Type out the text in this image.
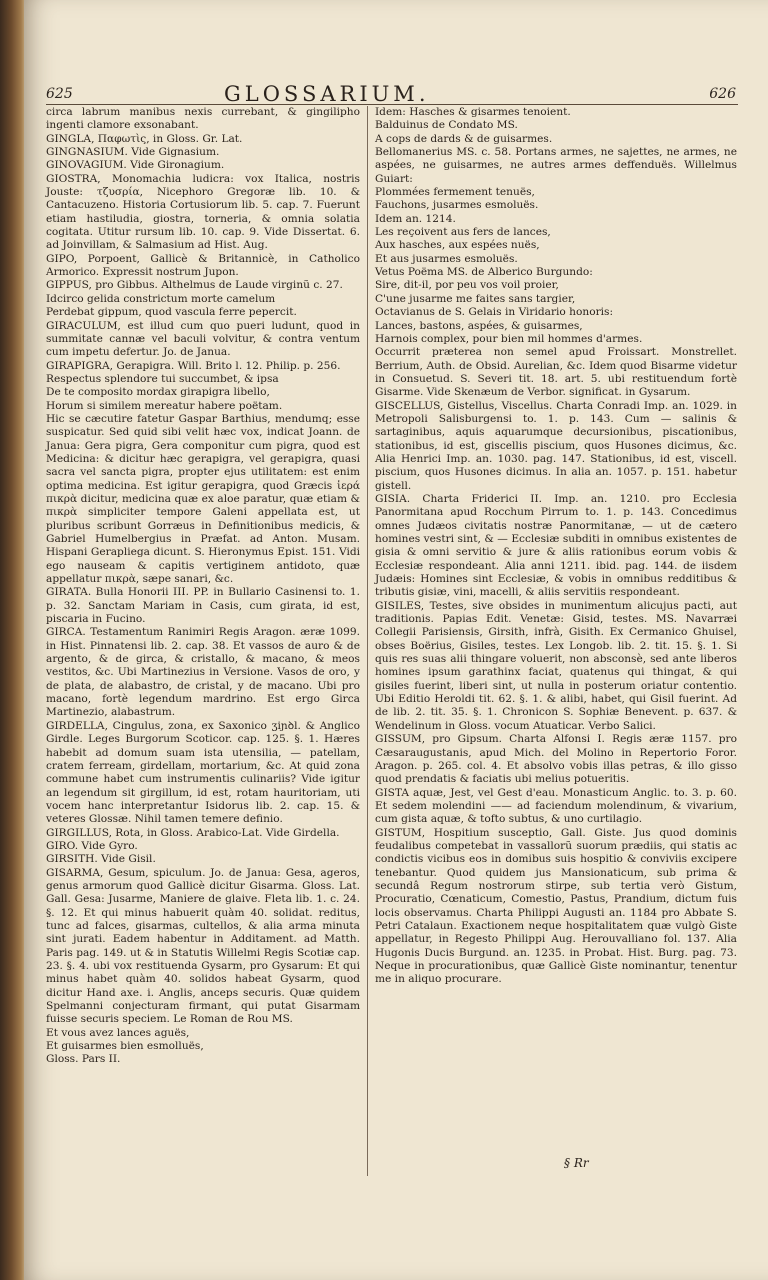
625	GLOSSARIUM.	626

circa labrum manibus nexis currebant, & gingilipho ingenti clamore exsonabant.

GINGLA, Παφωτὶς, in Gloss. Gr. Lat.

GINGNASIUM. Vide Gignasium.

GINOVAGIUM. Vide Gironagium.

GIOSTRA, Monomachia ludicra: vox Italica, nostris Jouste: τζυσρία, Nicephoro Gregoræ lib. 10. & Cantacuzeno. Historia Cortusiorum lib. 5. cap. 7. Fuerunt etiam hastiludia, giostra, torneria, & omnia solatia cogitata. Utitur rursum lib. 10. cap. 9. Vide Dissertat. 6. ad Joinvillam, & Salmasium ad Hist. Aug.

GIPO, Porpoent, Gallicè & Britannicè, in Catholico Armorico. Expressit nostrum Jupon.

GIPPUS, pro Gibbus. Althelmus de Laude virginũ c. 27.

Idcirco gelida constrictum morte camelum

Perdebat gippum, quod vascula ferre pepercit.

GIRACULUM, est illud cum quo pueri ludunt, quod in summitate cannæ vel baculi volvitur, & contra ventum cum impetu defertur. Jo. de Janua.

GIRAPIGRA, Gerapigra. Will. Brito l. 12. Philip. p. 256.

Respectus splendore tui succumbet, & ipsa

De te composito mordax girapigra libello,

Horum si similem mereatur habere poëtam.

Hic se cæcutire fatetur Gaspar Barthius, mendumq; esse suspicatur. Sed quid sibi velit hæc vox, indicat Joann. de Janua: Gera pigra, Gera componitur cum pigra, quod est Medicina: & dicitur hæc gerapigra, vel gerapigra, quasi sacra vel sancta pigra, propter ejus utilitatem: est enim optima medicina. Est igitur gerapigra, quod Græcis ἱερά πικρὰ dicitur, medicina quæ ex aloe paratur, quæ etiam & πικρὰ simpliciter tempore Galeni appellata est, ut pluribus scribunt Gorræus in Definitionibus medicis, & Gabriel Humelbergius in Præfat. ad Anton. Musam. Hispani Gerapliega dicunt. S. Hieronymus Epist. 151. Vidi ego nauseam & capitis vertiginem antidoto, quæ appellatur πικρὰ, sæpe sanari, &c.

GIRATA. Bulla Honorii III. PP. in Bullario Casinensi to. 1. p. 32. Sanctam Mariam in Casis, cum girata, id est, piscaria in Fucino.

GIRCA. Testamentum Ranimiri Regis Aragon. æræ 1099. in Hist. Pinnatensi lib. 2. cap. 38. Et vassos de auro & de argento, & de girca, & cristallo, & macano, & meos vestitos, &c. Ubi Martinezius in Versione. Vasos de oro, y de plata, de alabastro, de cristal, y de macano. Ubi pro macano, fortè legendum mardrino. Est ergo Girca Martinezio, alabastrum.

GIRDELLA, Cingulus, zona, ex Saxonico ʒiɲꝺl. & Anglico Girdle. Leges Burgorum Scoticor. cap. 125. §. 1. Hæres habebit ad domum suam ista utensilia, — patellam, cratem ferream, girdellam, mortarium, &c. At quid zona commune habet cum instrumentis culinariis? Vide igitur an legendum sit girgillum, id est, rotam hauritoriam, uti vocem hanc interpretantur Isidorus lib. 2. cap. 15. & veteres Glossæ. Nihil tamen temere definio.

GIRGILLUS, Rota, in Gloss. Arabico-Lat. Vide Girdella.

GIRO. Vide Gyro.

GIRSITH. Vide Gisil.

GISARMA, Gesum, spiculum. Jo. de Janua: Gesa, ageros, genus armorum quod Gallicè dicitur Gisarma. Gloss. Lat. Gall. Gesa: Jusarme, Maniere de glaive. Fleta lib. 1. c. 24. §. 12. Et qui minus habuerit quàm 40. solidat. reditus, tunc ad falces, gisarmas, cultellos, & alia arma minuta sint jurati. Eadem habentur in Additament. ad Matth. Paris pag. 149. ut & in Statutis Willelmi Regis Scotiæ cap. 23. §. 4. ubi vox restituenda Gysarm, pro Gysarum: Et qui minus habet quàm 40. solidos habeat Gysarm, quod dicitur Hand axe. i. Anglis, anceps securis. Quæ quidem Spelmanni conjecturam firmant, qui putat Gisarmam fuisse securis speciem. Le Roman de Rou MS.

Et vous avez lances aguës,

Et guisarmes bien esmolluës,

Gloss. Pars II.

Idem: Hasches & gisarmes tenoient.

Balduinus de Condato MS.

A cops de dards & de guisarmes.

Bellomanerius MS. c. 58. Portans armes, ne sajettes, ne armes, ne aspées, ne guisarmes, ne autres armes deffenduës. Willelmus Guiart:

Plommées fermement tenuës,

Fauchons, jusarmes esmoluës.

Idem an. 1214.

Les reçoivent aus fers de lances,

Aux hasches, aux espées nuës,

Et aus jusarmes esmoluës.

Vetus Poëma MS. de Alberico Burgundo:

Sire, dit-il, por peu vos voil proier,

C'une jusarme me faites sans targier,

Octavianus de S. Gelais in Viridario honoris:

Lances, bastons, aspées, & guisarmes,

Harnois complex, pour bien mil hommes d'armes.

Occurrit præterea non semel apud Froissart. Monstrellet. Berrium, Auth. de Obsid. Aurelian, &c. Idem quod Bisarme videtur in Consuetud. S. Severi tit. 18. art. 5. ubi restituendum fortè Gisarme. Vide Skenæum de Verbor. significat. in Gysarum.

GISCELLUS, Gistellus, Viscellus. Charta Conradi Imp. an. 1029. in Metropoli Salisburgensi to. 1. p. 143. Cum — salinis & sartaginibus, aquis aquarumque decursionibus, piscationibus, stationibus, id est, giscellis piscium, quos Husones dicimus, &c. Alia Henrici Imp. an. 1030. pag. 147. Stationibus, id est, viscell. piscium, quos Husones dicimus. In alia an. 1057. p. 151. habetur gistell.

GISIA. Charta Friderici II. Imp. an. 1210. pro Ecclesia Panormitana apud Rocchum Pirrum to. 1. p. 143. Concedimus omnes Judæos civitatis nostræ Panormitanæ, — ut de cætero homines vestri sint, & — Ecclesiæ subditi in omnibus existentes de gisia & omni servitio & jure & aliis rationibus eorum vobis & Ecclesiæ respondeant. Alia anni 1211. ibid. pag. 144. de iisdem Judæis: Homines sint Ecclesiæ, & vobis in omnibus redditibus & tributis gisiæ, vini, macelli, & aliis servitiis respondeant.

GISILES, Testes, sive obsides in munimentum alicujus pacti, aut traditionis. Papias Edit. Venetæ: Gisid, testes. MS. Navarræi Collegii Parisiensis, Girsith, infrà, Gisith. Ex Cermanico Ghuisel, obses Boërius, Gisiles, testes. Lex Longob. lib. 2. tit. 15. §. 1. Si quis res suas alii thingare voluerit, non absconsè, sed ante liberos homines ipsum garathinx faciat, quatenus qui thingat, & qui gisiles fuerint, liberi sint, ut nulla in posterum oriatur contentio. Ubi Editio Heroldi tit. 62. §. 1. & alibi, habet, qui Gisil fuerint. Ad de lib. 2. tit. 35. §. 1. Chronicon S. Sophiæ Benevent. p. 637. & Wendelinum in Gloss. vocum Atuaticar. Verbo Salici.

GISSUM, pro Gipsum. Charta Alfonsi I. Regis æræ 1157. pro Cæsaraugustanis, apud Mich. del Molino in Repertorio Foror. Aragon. p. 265. col. 4. Et absolvo vobis illas petras, & illo gisso quod prendatis & faciatis ubi melius potueritis.

GISTA aquæ, Jest, vel Gest d'eau. Monasticum Anglic. to. 3. p. 60. Et sedem molendini —— ad faciendum molendinum, & vivarium, cum gista aquæ, & tofto subtus, & uno curtilagio.

GISTUM, Hospitium susceptio, Gall. Giste. Jus quod dominis feudalibus competebat in vassallorũ suorum prædiis, qui statis ac condictis vicibus eos in domibus suis hospitio & conviviis excipere tenebantur. Quod quidem jus Mansionaticum, sub prima & secundâ Regum nostrorum stirpe, sub tertia verò Gistum, Procuratio, Cœnaticum, Comestio, Pastus, Prandium, dictum fuis locis observamus. Charta Philippi Augusti an. 1184 pro Abbate S. Petri Catalaun. Exactionem neque hospitalitatem quæ vulgò Giste appellatur, in Regesto Philippi Aug. Herouvalliano fol. 137. Alia Hugonis Ducis Burgund. an. 1235. in Probat. Hist. Burg. pag. 73. Neque in procurationibus, quæ Gallicè Giste nominantur, tenentur me in aliquo procurare.

§ Rr
